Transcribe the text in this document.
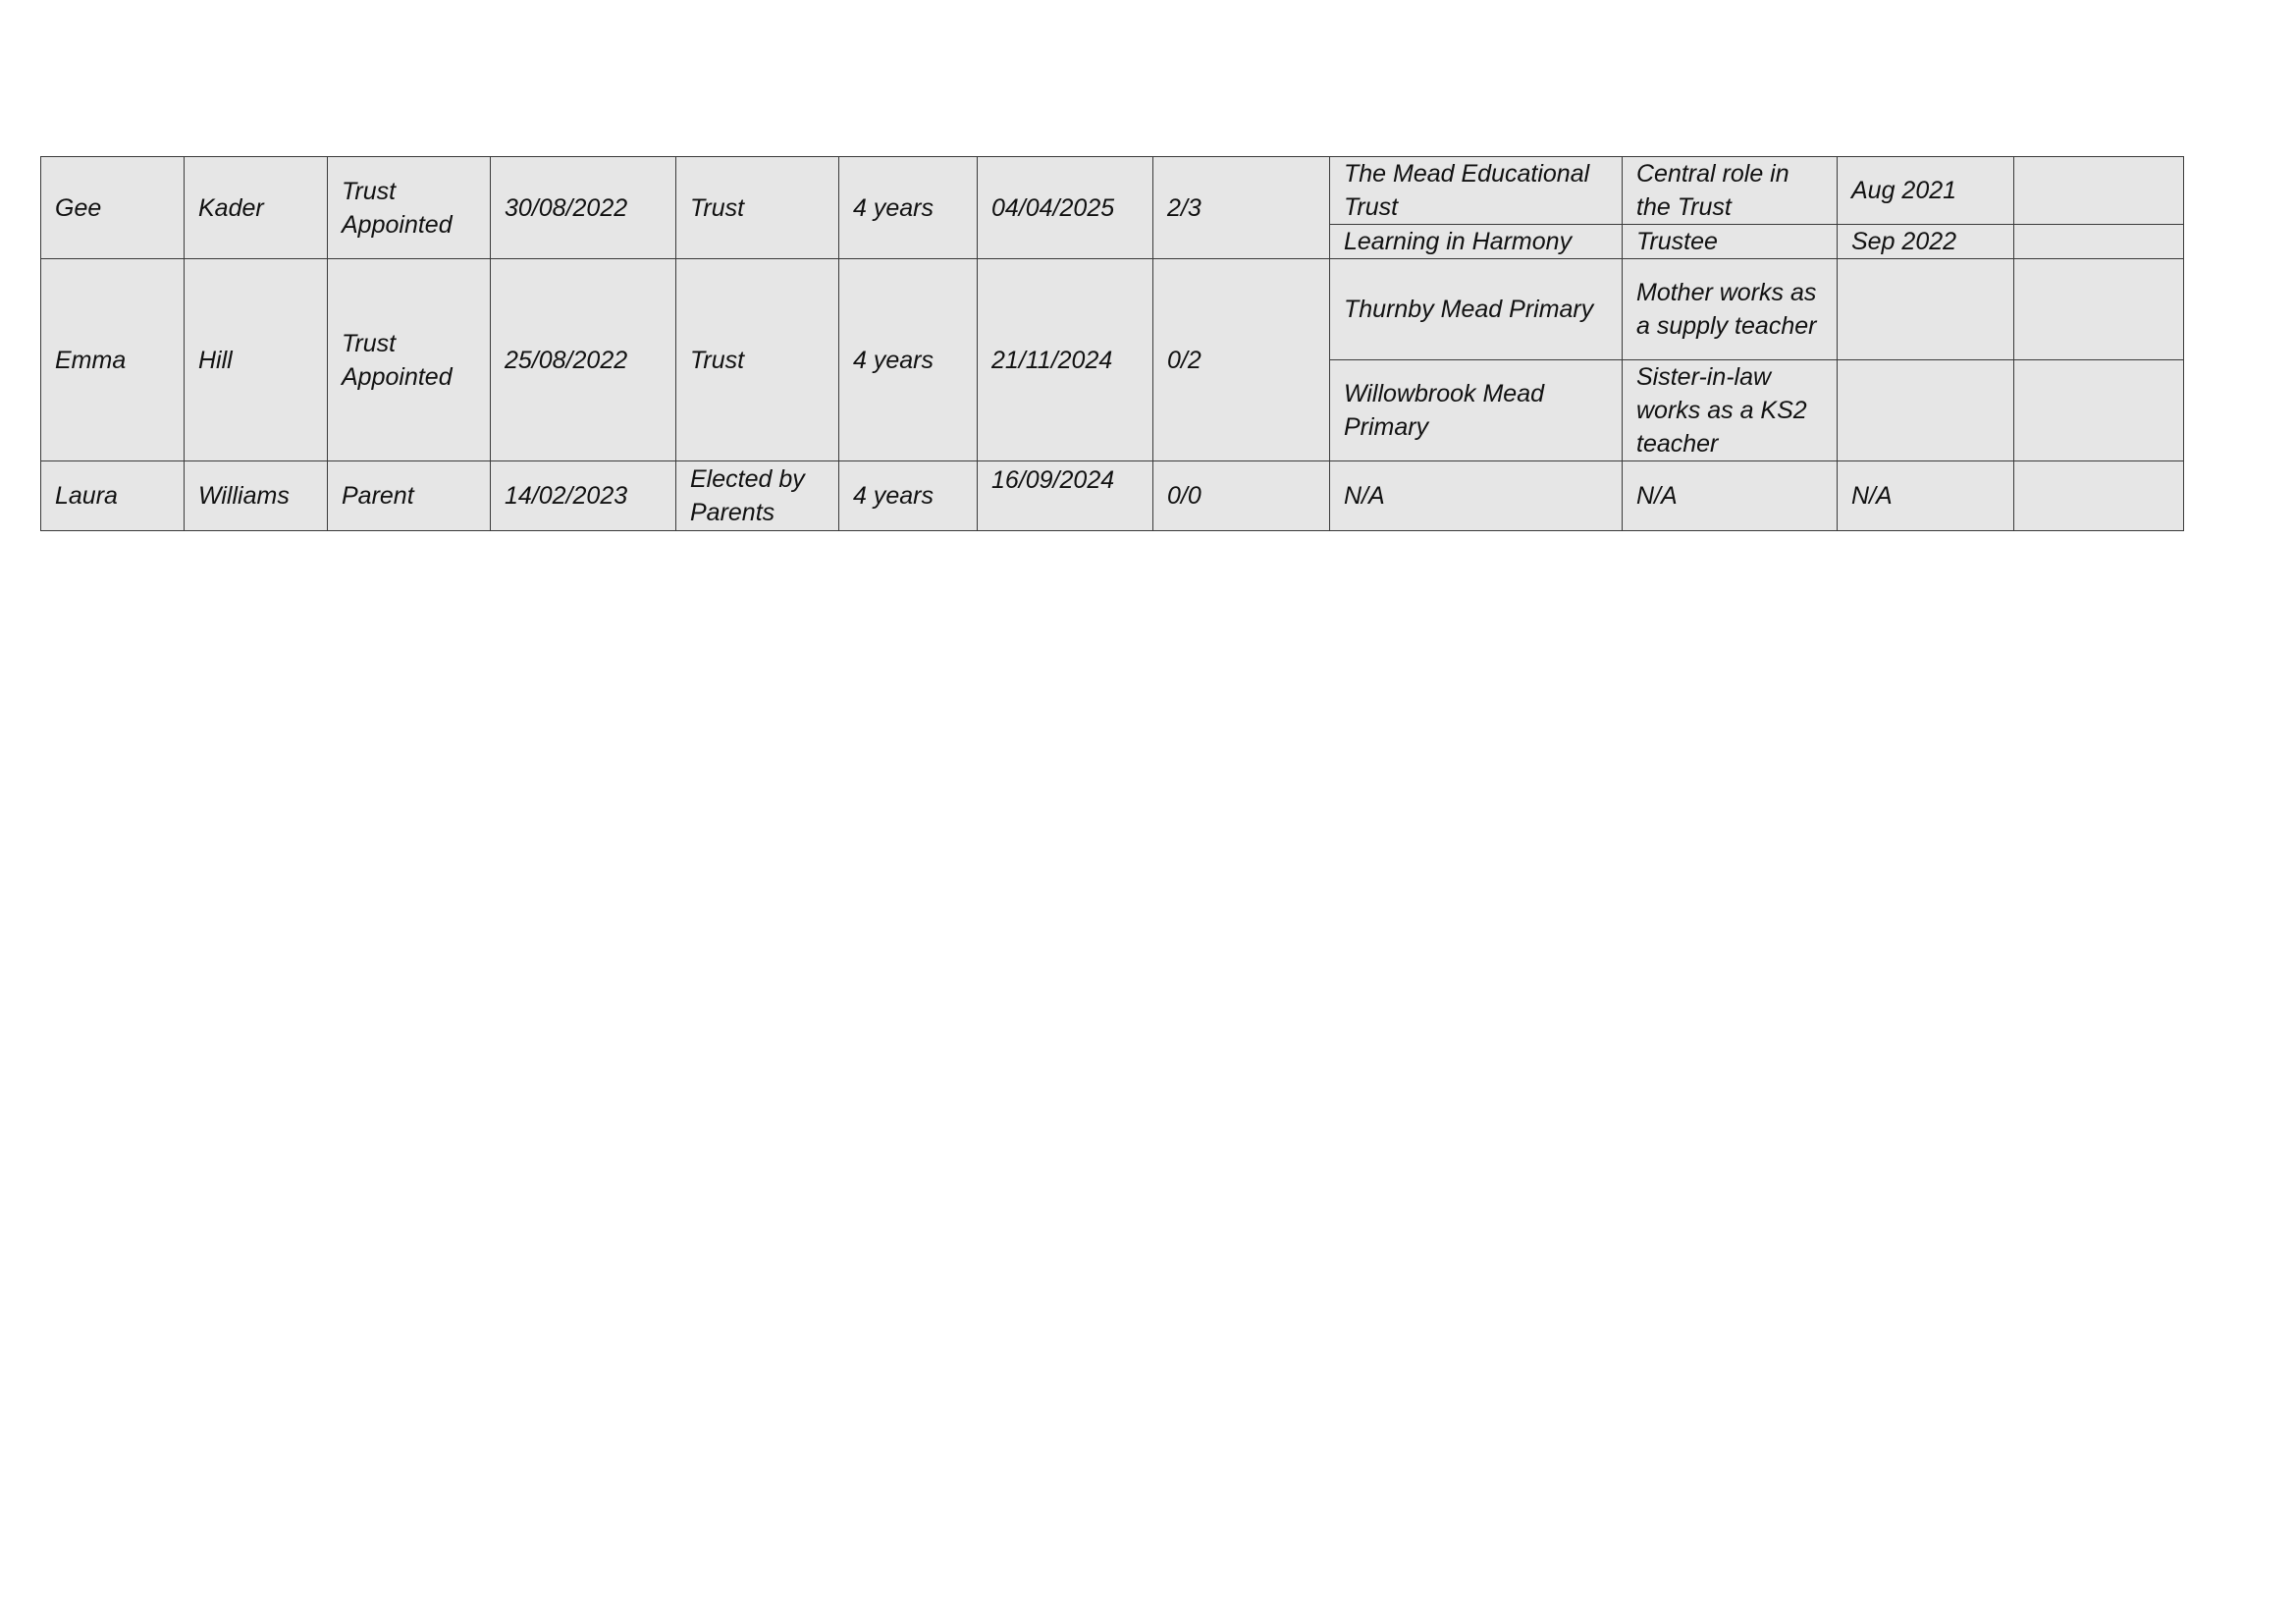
Gee	Kader	Trust Appointed	30/08/2022	Trust	4 years	04/04/2025	2/3	The Mead Educational Trust	Central role in the Trust	Aug 2021	
								Learning in Harmony	Trustee	Sep 2022	
Emma	Hill	Trust Appointed	25/08/2022	Trust	4 years	21/11/2024	0/2	Thurnby Mead Primary	Mother works as a supply teacher		
								Willowbrook Mead Primary	Sister-in-law works as a KS2 teacher		
Laura	Williams	Parent	14/02/2023	Elected by Parents	4 years	16/09/2024	0/0	N/A	N/A	N/A	
